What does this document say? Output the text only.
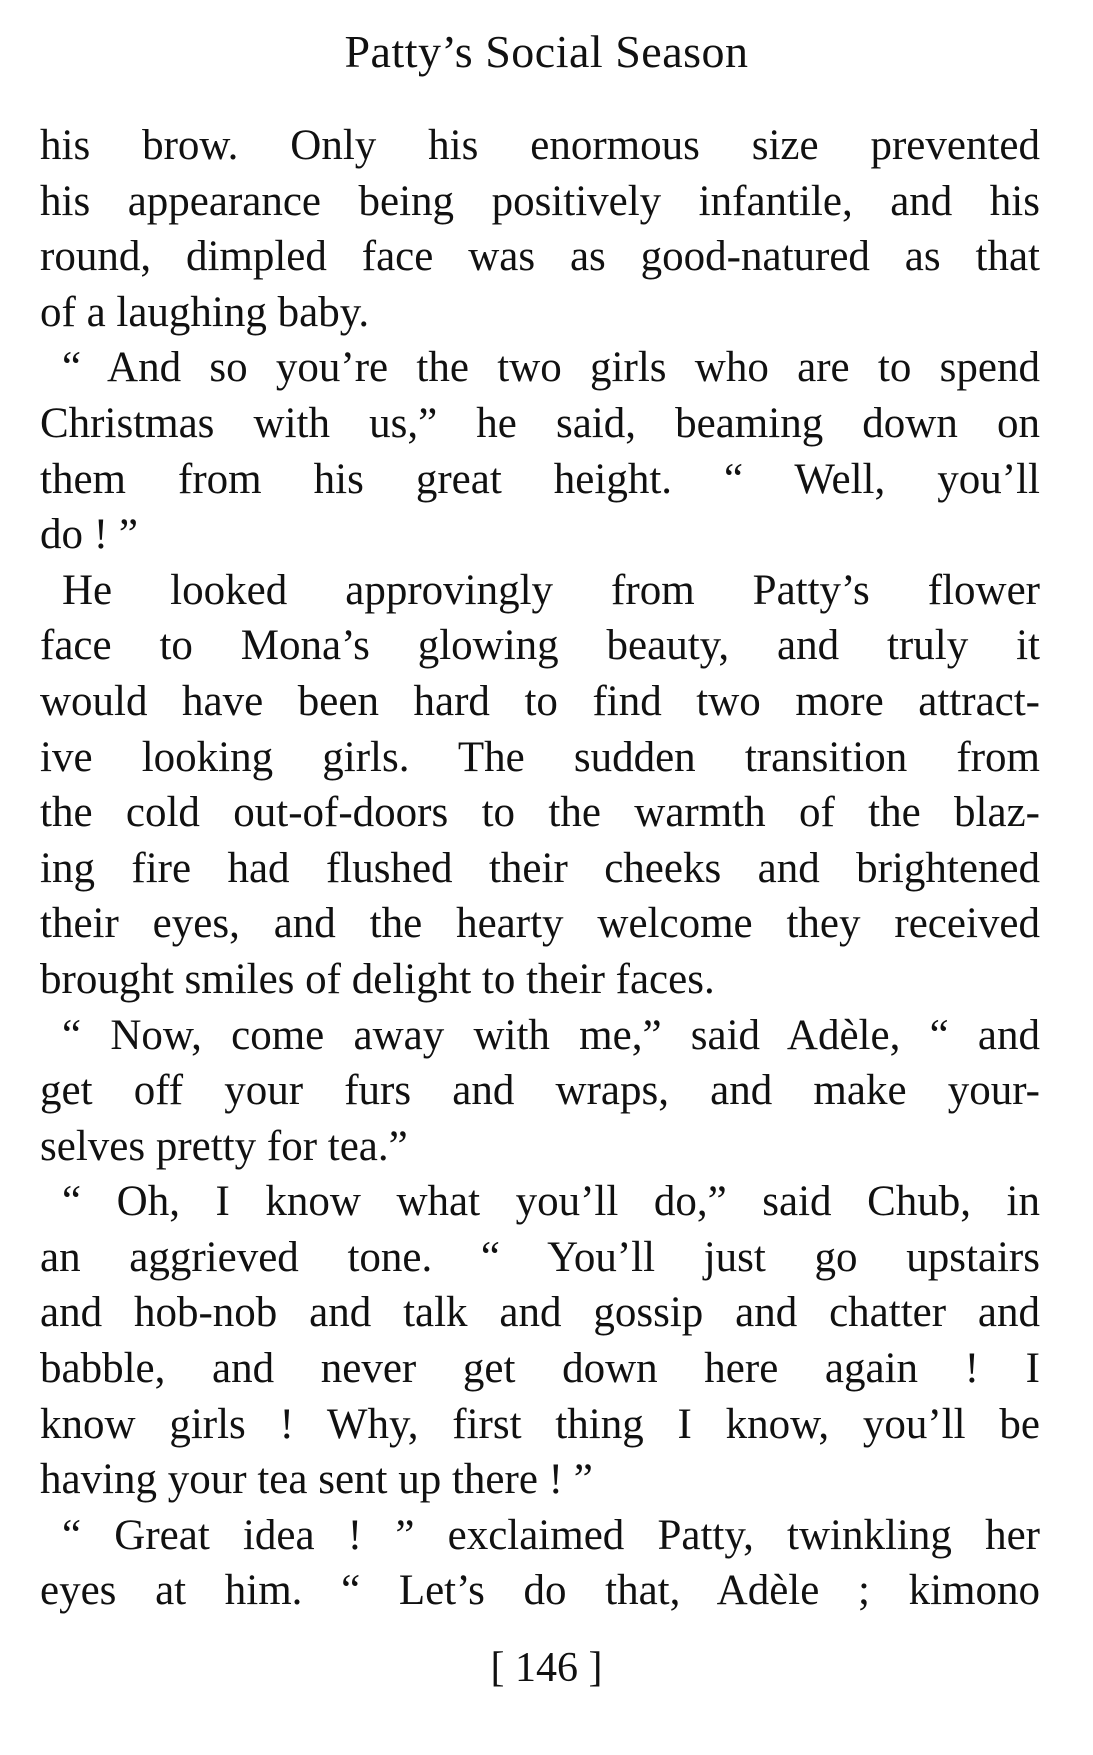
Patty’s Social Season
his brow. Only his enormous size prevented
his appearance being positively infantile, and his
round, dimpled face was as good-natured as that
of a laughing baby.
“ And so you’re the two girls who are to spend
Christmas with us,” he said, beaming down on
them from his great height. “ Well, you’ll
do ! ”
He looked approvingly from Patty’s flower
face to Mona’s glowing beauty, and truly it
would have been hard to find two more attract-
ive looking girls. The sudden transition from
the cold out-of-doors to the warmth of the blaz-
ing fire had flushed their cheeks and brightened
their eyes, and the hearty welcome they received
brought smiles of delight to their faces.
“ Now, come away with me,” said Adèle, “ and
get off your furs and wraps, and make your-
selves pretty for tea.”
“ Oh, I know what you’ll do,” said Chub, in
an aggrieved tone. “ You’ll just go upstairs
and hob-nob and talk and gossip and chatter and
babble, and never get down here again ! I
know girls ! Why, first thing I know, you’ll be
having your tea sent up there ! ”
“ Great idea ! ” exclaimed Patty, twinkling her
eyes at him. “ Let’s do that, Adèle ; kimono
[ 146 ]
